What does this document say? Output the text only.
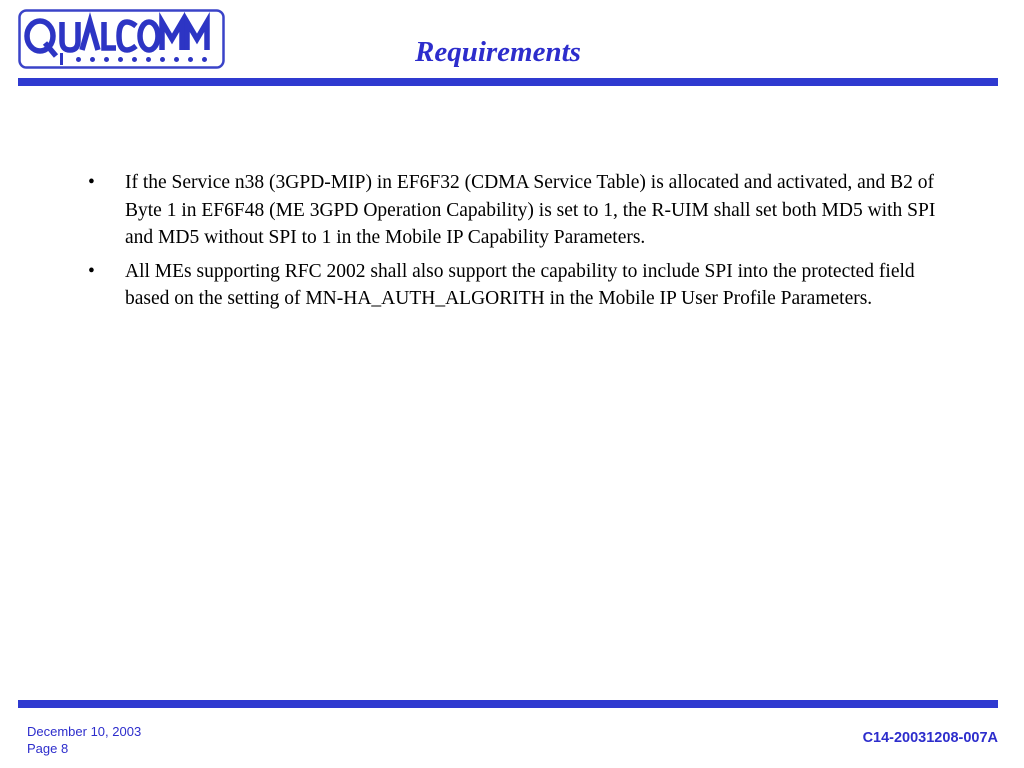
Requirements
• If the Service n38 (3GPD-MIP) in EF6F32 (CDMA Service Table) is allocated and activated, and B2 of Byte 1 in EF6F48 (ME 3GPD Operation Capability) is set to 1, the R-UIM shall set both MD5 with SPI and MD5 without SPI to 1 in the Mobile IP Capability Parameters.
• All MEs supporting RFC 2002 shall also support the capability to include SPI into the protected field based on the setting of MN-HA_AUTH_ALGORITH in the Mobile IP User Profile Parameters.
December 10, 2003
Page 8
C14-20031208-007A
